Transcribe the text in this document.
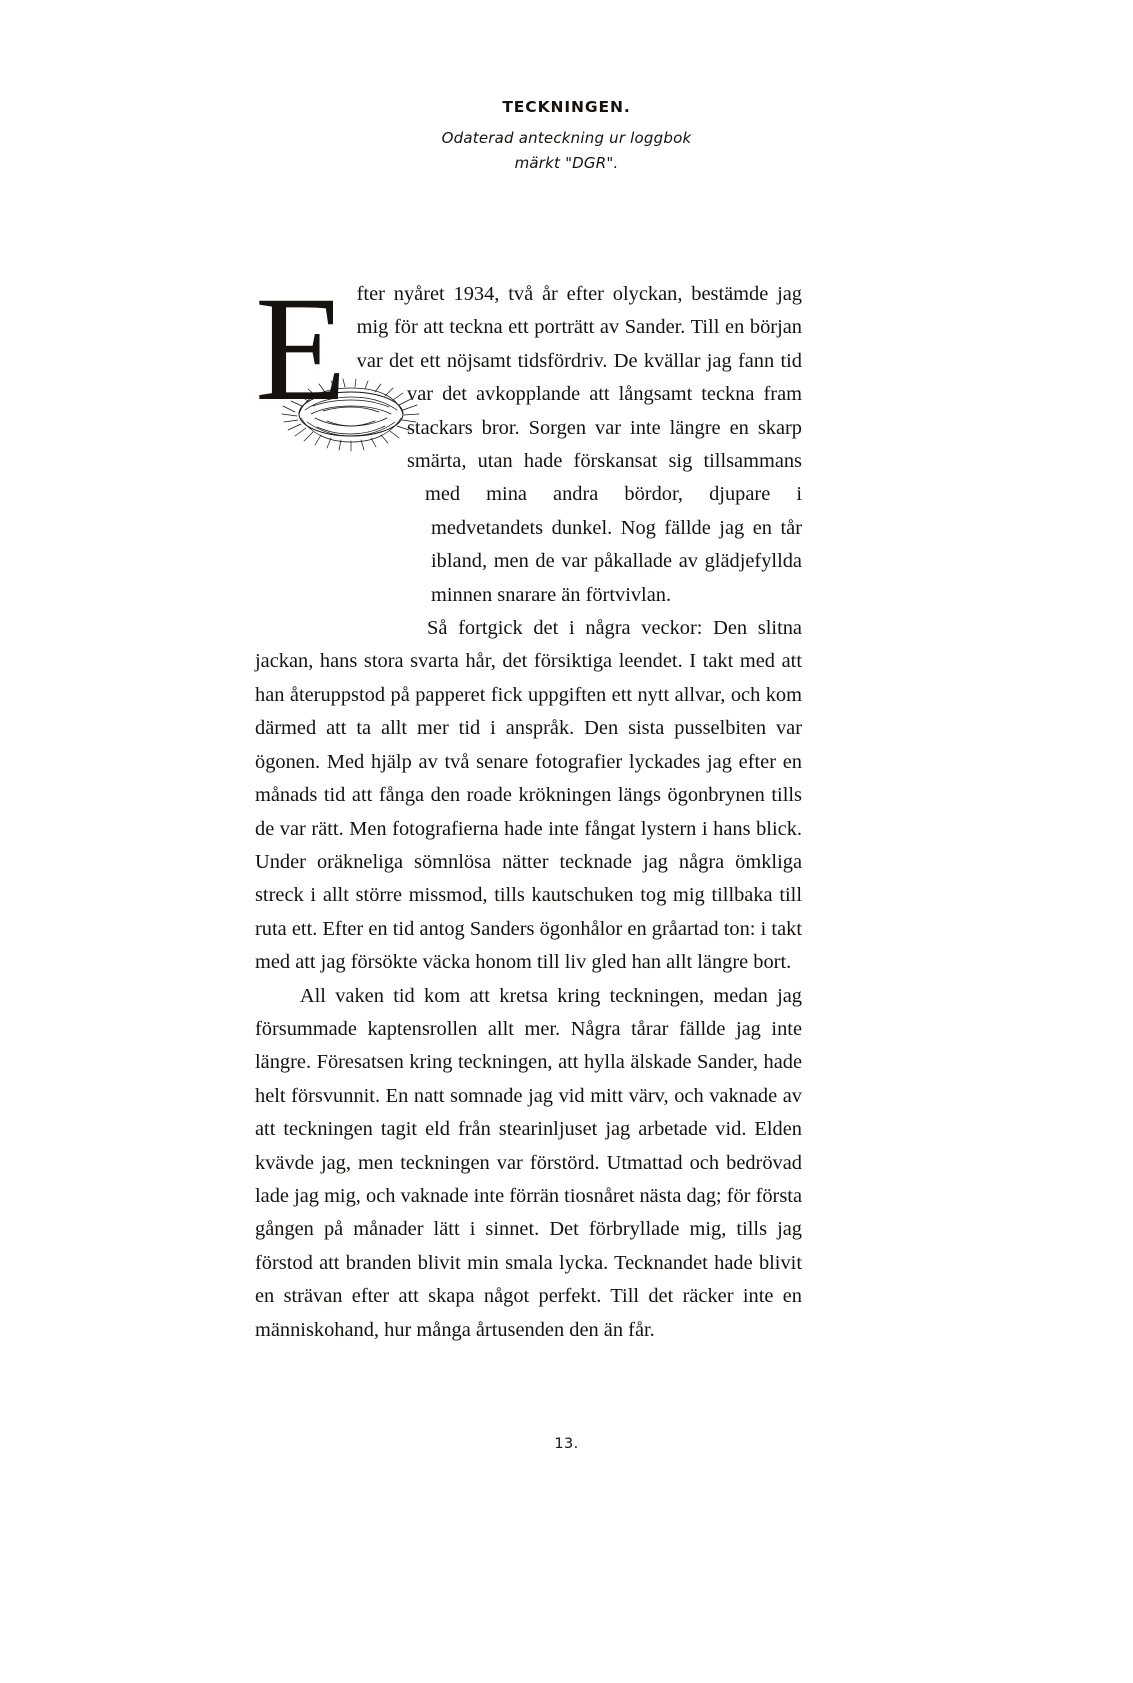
TECKNINGEN.
Odaterad anteckning ur loggbok
märkt "DGR".
E fter nyåret 1934, två år efter olyckan, bestämde jag mig för att teckna ett porträtt av Sander. Till en början var det ett nöjsamt tidsfördriv. De kvällar jag fann tid var det avkopplande att långsamt teckna fram stackars bror. Sorgen var inte längre en skarp smärta, utan hade förskansat sig tillsammans med mina andra bördor, djupare i medvetandets dunkel. Nog fällde jag en tår ibland, men de var påkallade av glädjefyllda minnen snarare än förtvivlan.

Så fortgick det i några veckor: Den slitna jackan, hans stora svarta hår, det försiktiga leendet. I takt med att han återuppstod på papperet fick uppgiften ett nytt allvar, och kom därmed att ta allt mer tid i anspråk. Den sista pusselbiten var ögonen. Med hjälp av två senare fotografier lyckades jag efter en månads tid att fånga den roade krökningen längs ögonbrynen tills de var rätt. Men fotografierna hade inte fångat lystern i hans blick. Under oräkneliga sömnlösa nätter tecknade jag några ömkliga streck i allt större missmod, tills kautschuken tog mig tillbaka till ruta ett. Efter en tid antog Sanders ögonhålor en gråartad ton: i takt med att jag försökte väcka honom till liv gled han allt längre bort.

All vaken tid kom att kretsa kring teckningen, medan jag försummade kaptensrollen allt mer. Några tårar fällde jag inte längre. Föresatsen kring teckningen, att hylla älskade Sander, hade helt försvunnit. En natt somnade jag vid mitt värv, och vaknade av att teckningen tagit eld från stearinljuset jag arbetade vid. Elden kvävde jag, men teckningen var förstörd. Utmattad och bedrövad lade jag mig, och vaknade inte förrän tiosnåret nästa dag; för första gången på månader lätt i sinnet. Det förbryllade mig, tills jag förstod att branden blivit min smala lycka. Tecknandet hade blivit en strävan efter att skapa något perfekt. Till det räcker inte en människohand, hur många årtusenden den än får.

13.
